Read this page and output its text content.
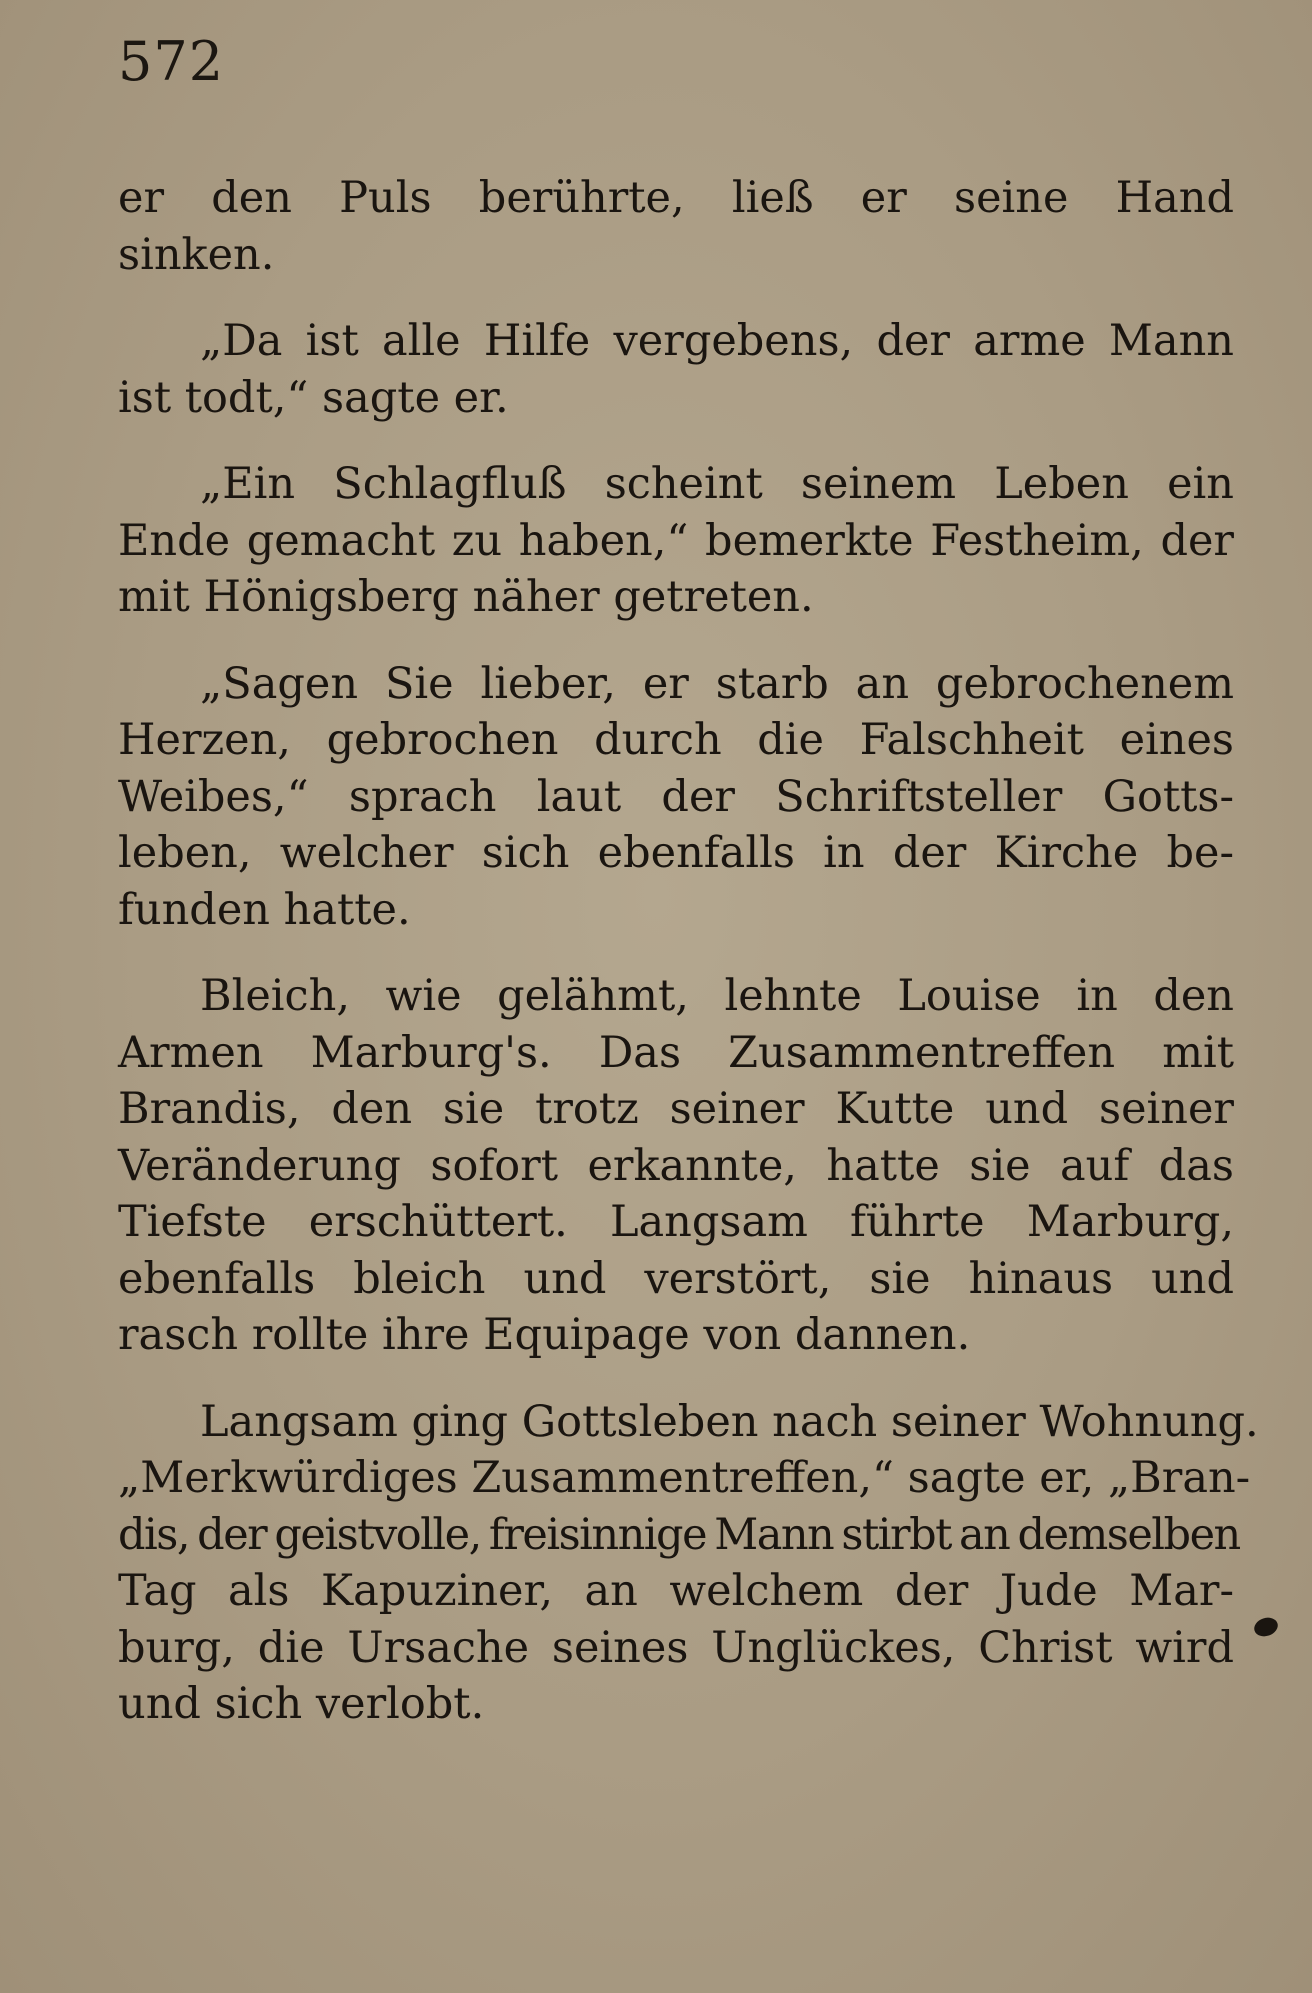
572

er den Puls berührte, ließ er seine Hand
sinken.

„Da ist alle Hilfe vergebens, der arme Mann
ist todt,“ sagte er.

„Ein Schlagfluß scheint seinem Leben ein
Ende gemacht zu haben,“ bemerkte Festheim, der
mit Hönigsberg näher getreten.

„Sagen Sie lieber, er starb an gebrochenem
Herzen, gebrochen durch die Falschheit eines
Weibes,“ sprach laut der Schriftsteller Gotts-
leben, welcher sich ebenfalls in der Kirche be-
funden hatte.

Bleich, wie gelähmt, lehnte Louise in den
Armen Marburg's. Das Zusammentreffen mit
Brandis, den sie trotz seiner Kutte und seiner
Veränderung sofort erkannte, hatte sie auf das
Tiefste erschüttert. Langsam führte Marburg,
ebenfalls bleich und verstört, sie hinaus und
rasch rollte ihre Equipage von dannen.

Langsam ging Gottsleben nach seiner Wohnung.
„Merkwürdiges Zusammentreffen,“ sagte er, „Bran-
dis, der geistvolle, freisinnige Mann stirbt an demselben
Tag als Kapuziner, an welchem der Jude Mar-
burg, die Ursache seines Unglückes, Christ wird
und sich verlobt.
